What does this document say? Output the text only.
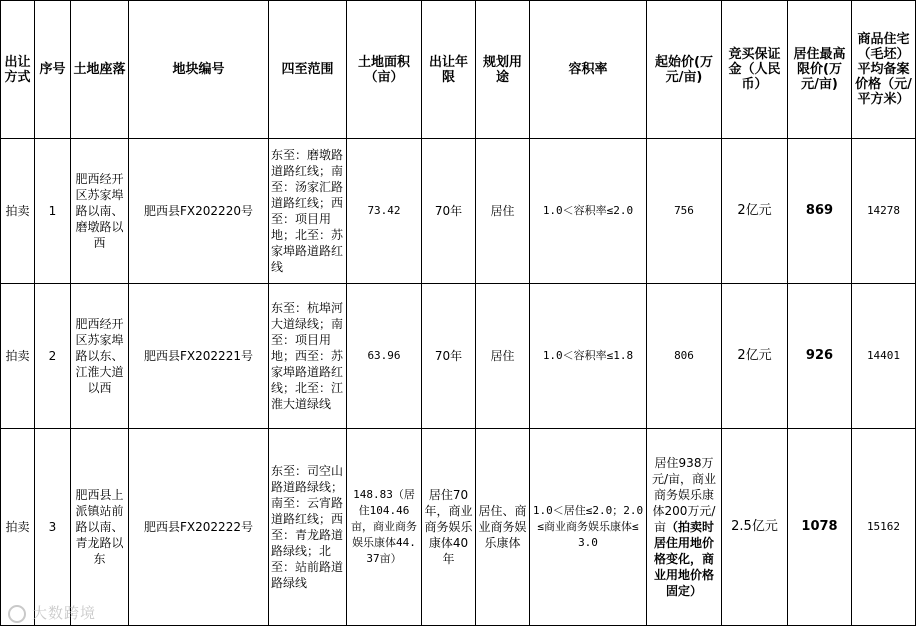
出让方式	序号	土地座落	地块编号	四至范围	土地面积（亩）	出让年限	规划用途	容积率	起始价(万元/亩)	竞买保证金（人民币）	居住最高限价(万元/亩)	商品住宅（毛坯）平均备案价格（元/平方米）
拍卖	1	肥西经开区苏家埠路以南、磨墩路以西	肥西县FX202220号	东至：磨墩路道路红线；南至：汤家汇路道路红线；西至：项目用地；北至：苏家埠路道路红线	73.42	70年	居住	1.0＜容积率≤2.0	756	2亿元	869	14278
拍卖	2	肥西经开区苏家埠路以东、江淮大道以西	肥西县FX202221号	东至：杭埠河大道绿线；南至：项目用地；西至：苏家埠路道路红线；北至：江淮大道绿线	63.96	70年	居住	1.0＜容积率≤1.8	806	2亿元	926	14401
拍卖	3	肥西县上派镇站前路以南、青龙路以东	肥西县FX202222号	东至：司空山路道路绿线；南至：云宵路道路红线；西至：青龙路道路绿线；北至：站前路道路绿线	148.83（居住104.46亩，商业商务娱乐康体44.37亩）	居住70年，商业商务娱乐康体40年	居住、商业商务娱乐康体	1.0＜居住≤2.0；2.0≤商业商务娱乐康体≤3.0	居住938万元/亩，商业商务娱乐康体200万元/亩（拍卖时居住用地价格变化，商业用地价格固定）	2.5亿元	1078	15162
大数跨境
